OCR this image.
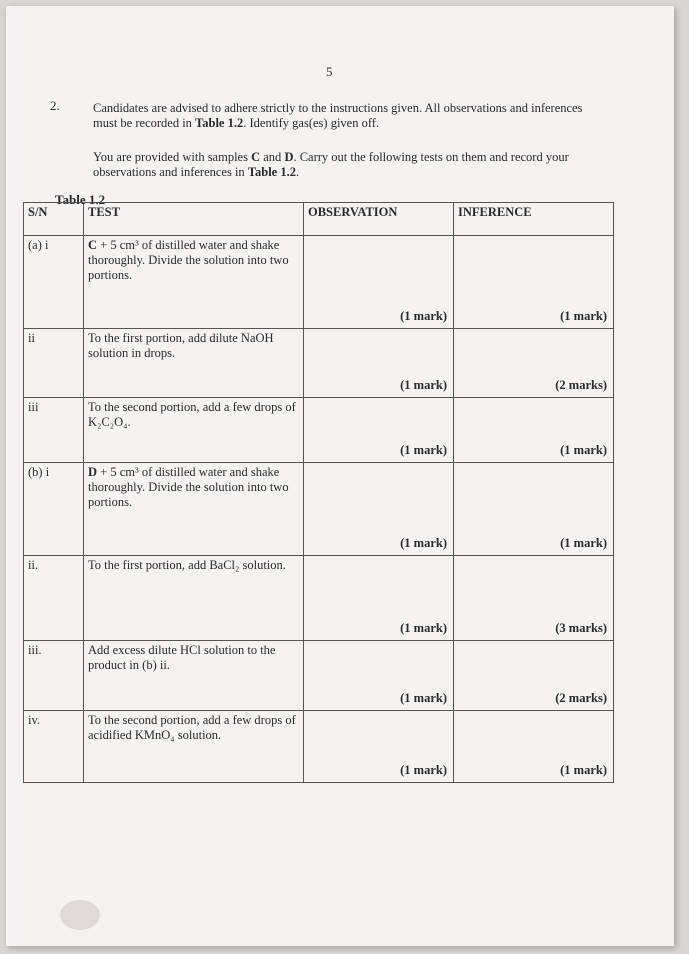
5
2.	Candidates are advised to adhere strictly to the instructions given. All observations and inferences must be recorded in Table 1.2. Identify gas(es) given off.
You are provided with samples C and D. Carry out the following tests on them and record your observations and inferences in Table 1.2.
Table 1.2
S/N	TEST	OBSERVATION	INFERENCE
(a) i	C + 5 cm³ of distilled water and shake thoroughly. Divide the solution into two portions.	(1 mark)	(1 mark)

ii	To the first portion, add dilute NaOH solution in drops.	(1 mark)	(2 marks)

iii	To the second portion, add a few drops of K₂C₂O₄.	(1 mark)	(1 mark)

(b) i	D + 5 cm³ of distilled water and shake thoroughly. Divide the solution into two portions.	(1 mark)	(1 mark)

ii.	To the first portion, add BaCl₂ solution.	(1 mark)	(3 marks)

iii.	Add excess dilute HCl solution to the product in (b) ii.	(1 mark)	(2 marks)

iv.	To the second portion, add a few drops of acidified KMnO₄ solution.	(1 mark)	(1 mark)
